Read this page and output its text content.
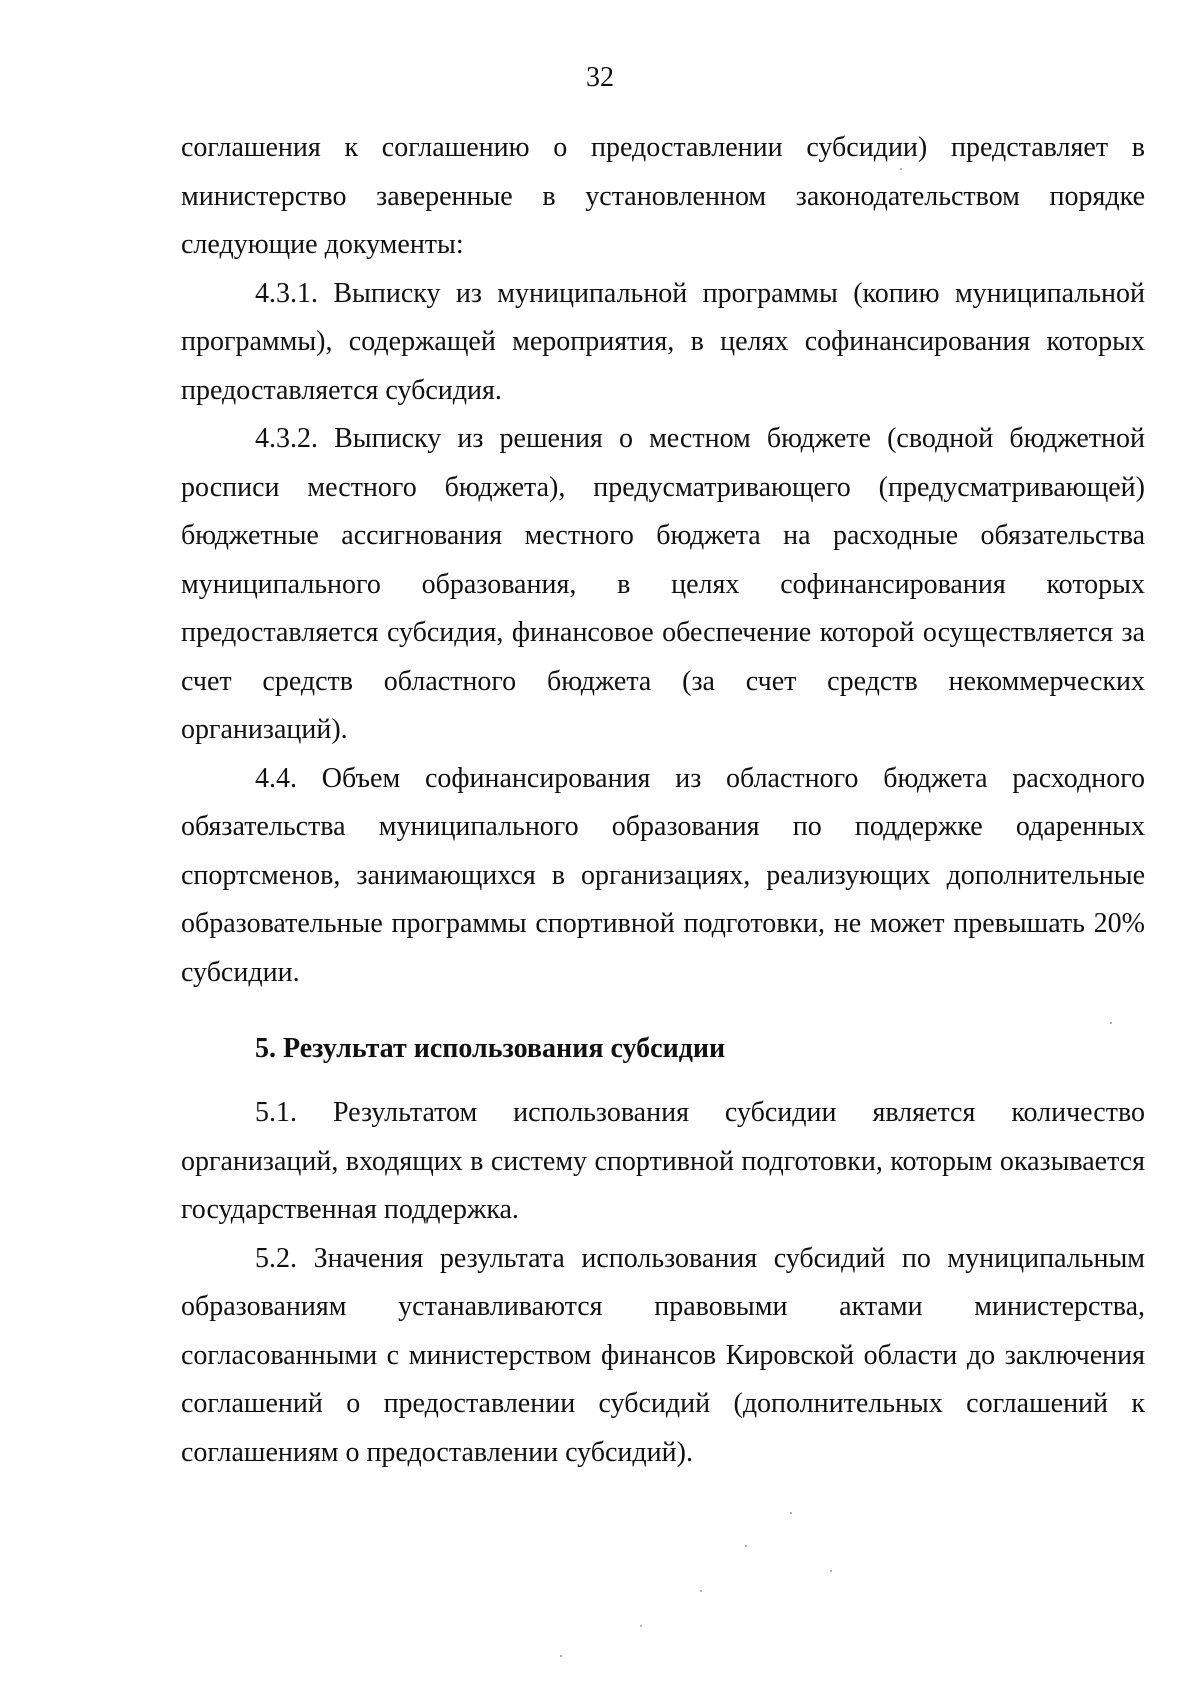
32

соглашения к соглашению о предоставлении субсидии) представляет в министерство заверенные в установленном законодательством порядке следующие документы:

4.3.1. Выписку из муниципальной программы (копию муниципальной программы), содержащей мероприятия, в целях софинансирования которых предоставляется субсидия.

4.3.2. Выписку из решения о местном бюджете (сводной бюджетной росписи местного бюджета), предусматривающего (предусматривающей) бюджетные ассигнования местного бюджета на расходные обязательства муниципального образования, в целях софинансирования которых предоставляется субсидия, финансовое обеспечение которой осуществляется за счет средств областного бюджета (за счет средств некоммерческих организаций).

4.4. Объем софинансирования из областного бюджета расходного обязательства муниципального образования по поддержке одаренных спортсменов, занимающихся в организациях, реализующих дополнительные образовательные программы спортивной подготовки, не может превышать 20% субсидии.

5. Результат использования субсидии

5.1. Результатом использования субсидии является количество организаций, входящих в систему спортивной подготовки, которым оказывается государственная поддержка.

5.2. Значения результата использования субсидий по муниципальным образованиям устанавливаются правовыми актами министерства, согласованными с министерством финансов Кировской области до заключения соглашений о предоставлении субсидий (дополнительных соглашений к соглашениям о предоставлении субсидий).
